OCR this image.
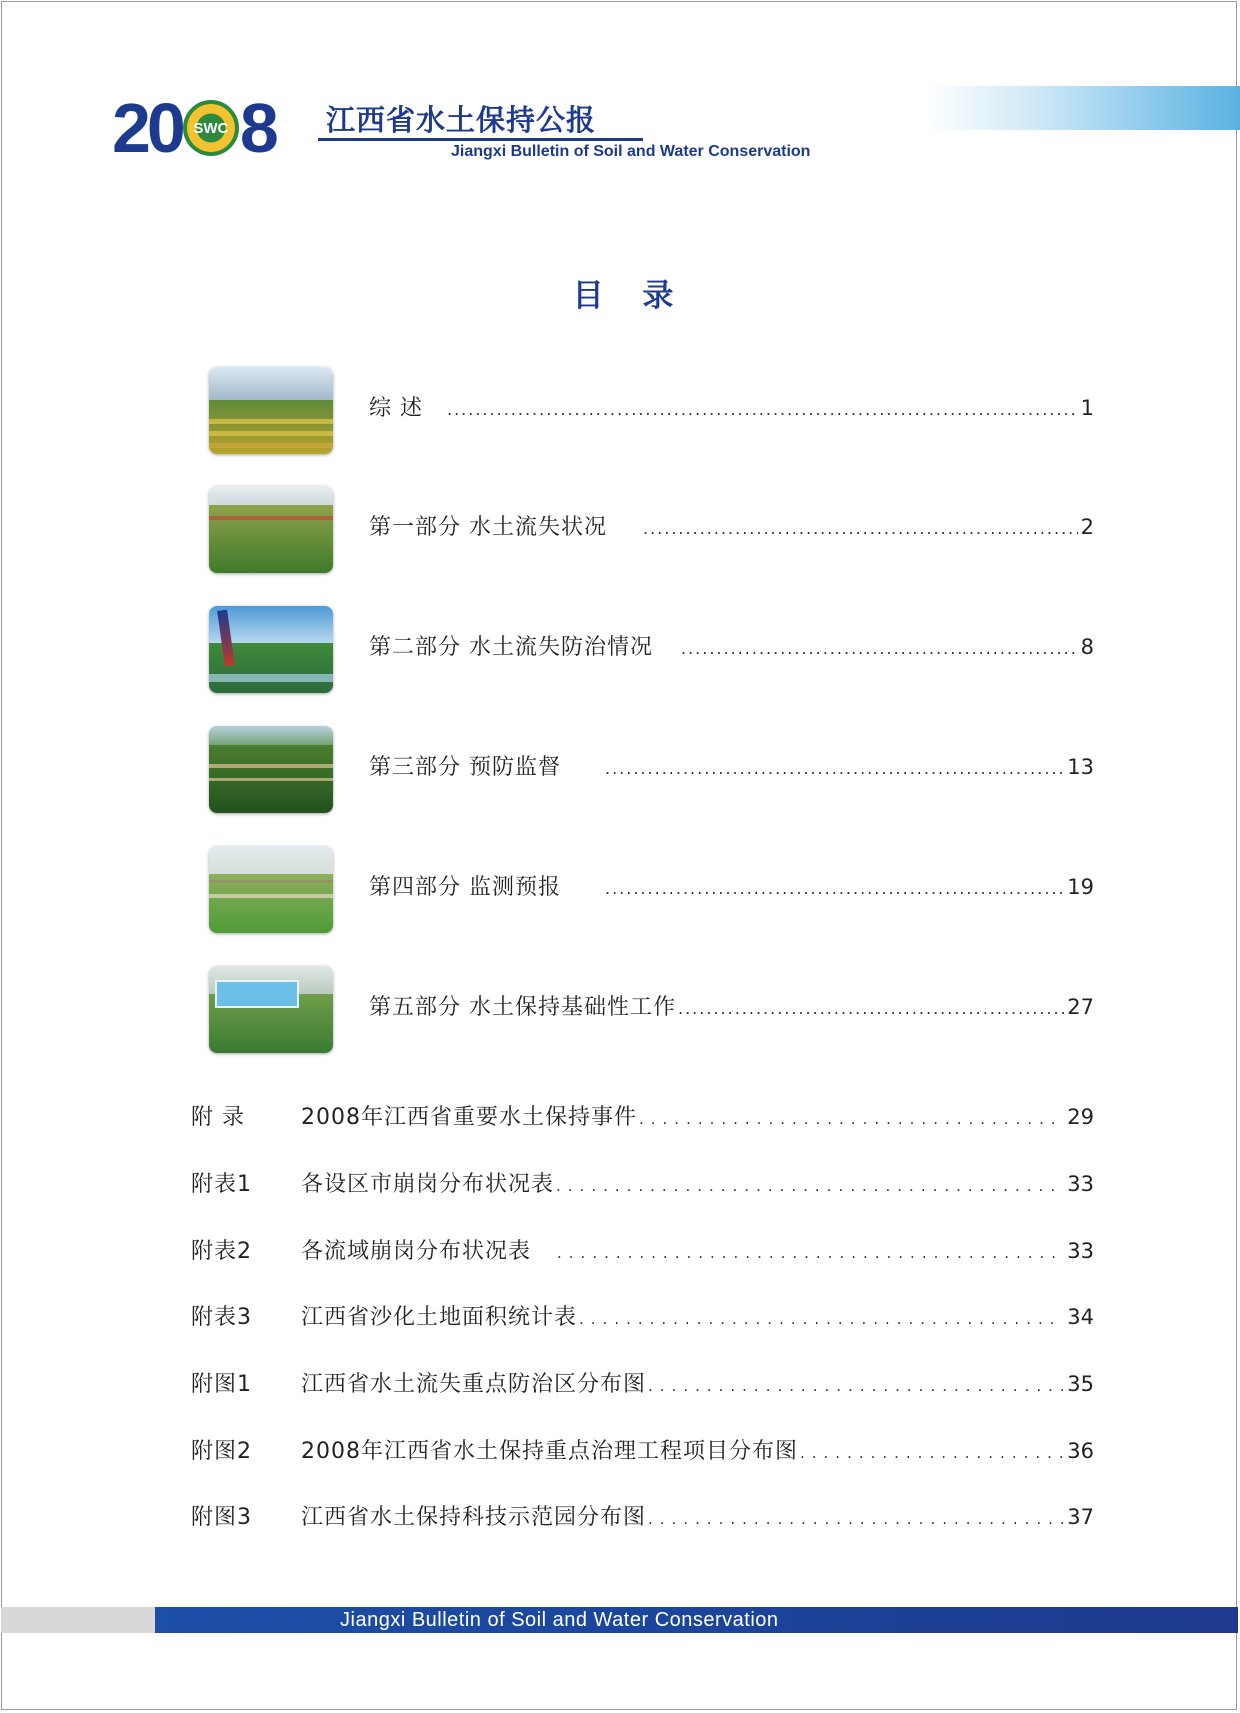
20 SWC 8 江西省水土保持公报
Jiangxi Bulletin of Soil and Water Conservation
目 录
综 述 .....	1
第一部分 水土流失状况 .....	2
第二部分 水土流失防治情况 .....	8
第三部分 预防监督 .....	13
第四部分 监测预报 .....	19
第五部分 水土保持基础性工作 .....	27
附 录	2008年江西省重要水土保持事件 .....	29
附表1	各设区市崩岗分布状况表 .....	33
附表2	各流域崩岗分布状况表 .....	33
附表3	江西省沙化土地面积统计表 .....	34
附图1	江西省水土流失重点防治区分布图 .....	35
附图2	2008年江西省水土保持重点治理工程项目分布图 .....	36
附图3	江西省水土保持科技示范园分布图 .....	37
Jiangxi Bulletin of Soil and Water Conservation
